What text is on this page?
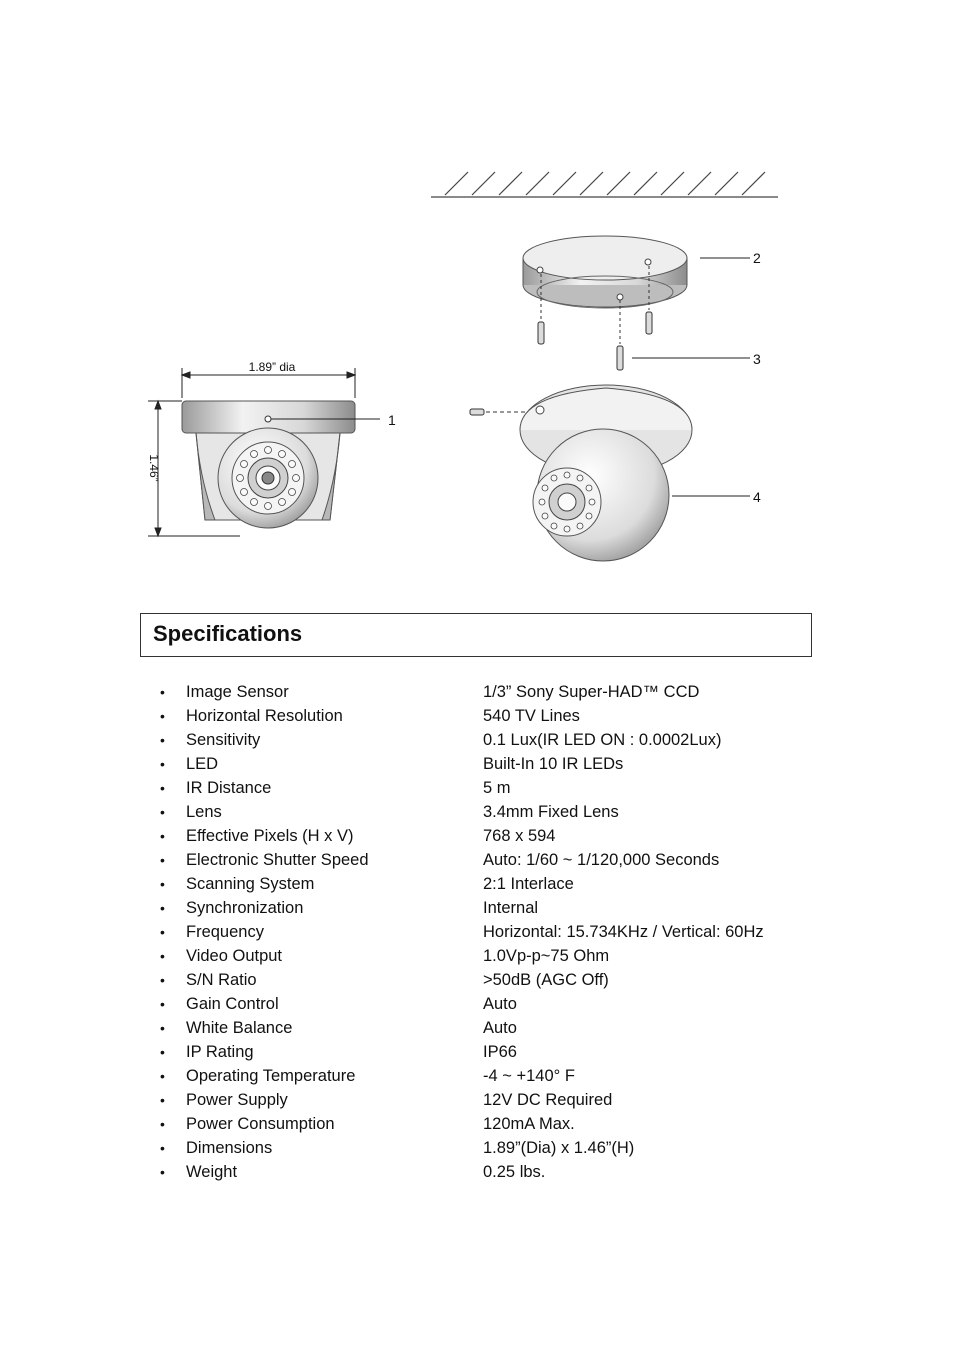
1.89” dia
1.46”
1
2
3
4
Specifications
•	Image Sensor	1/3” Sony Super-HAD™ CCD
•	Horizontal Resolution	540 TV Lines
•	Sensitivity	0.1 Lux(IR LED ON : 0.0002Lux)
•	LED	Built-In 10 IR LEDs
•	IR Distance	5 m
•	Lens	3.4mm Fixed Lens
•	Effective Pixels (H x V)	768 x 594
•	Electronic Shutter Speed	Auto: 1/60 ~ 1/120,000 Seconds
•	Scanning System	2:1 Interlace
•	Synchronization	Internal
•	Frequency	Horizontal: 15.734KHz / Vertical: 60Hz
•	Video Output	1.0Vp-p~75 Ohm
•	S/N Ratio	>50dB (AGC Off)
•	Gain Control	Auto
•	White Balance	Auto
•	IP Rating	IP66
•	Operating Temperature	-4 ~ +140° F
•	Power Supply	12V DC Required
•	Power Consumption	120mA Max.
•	Dimensions	1.89”(Dia) x 1.46”(H)
•	Weight	0.25 lbs.
